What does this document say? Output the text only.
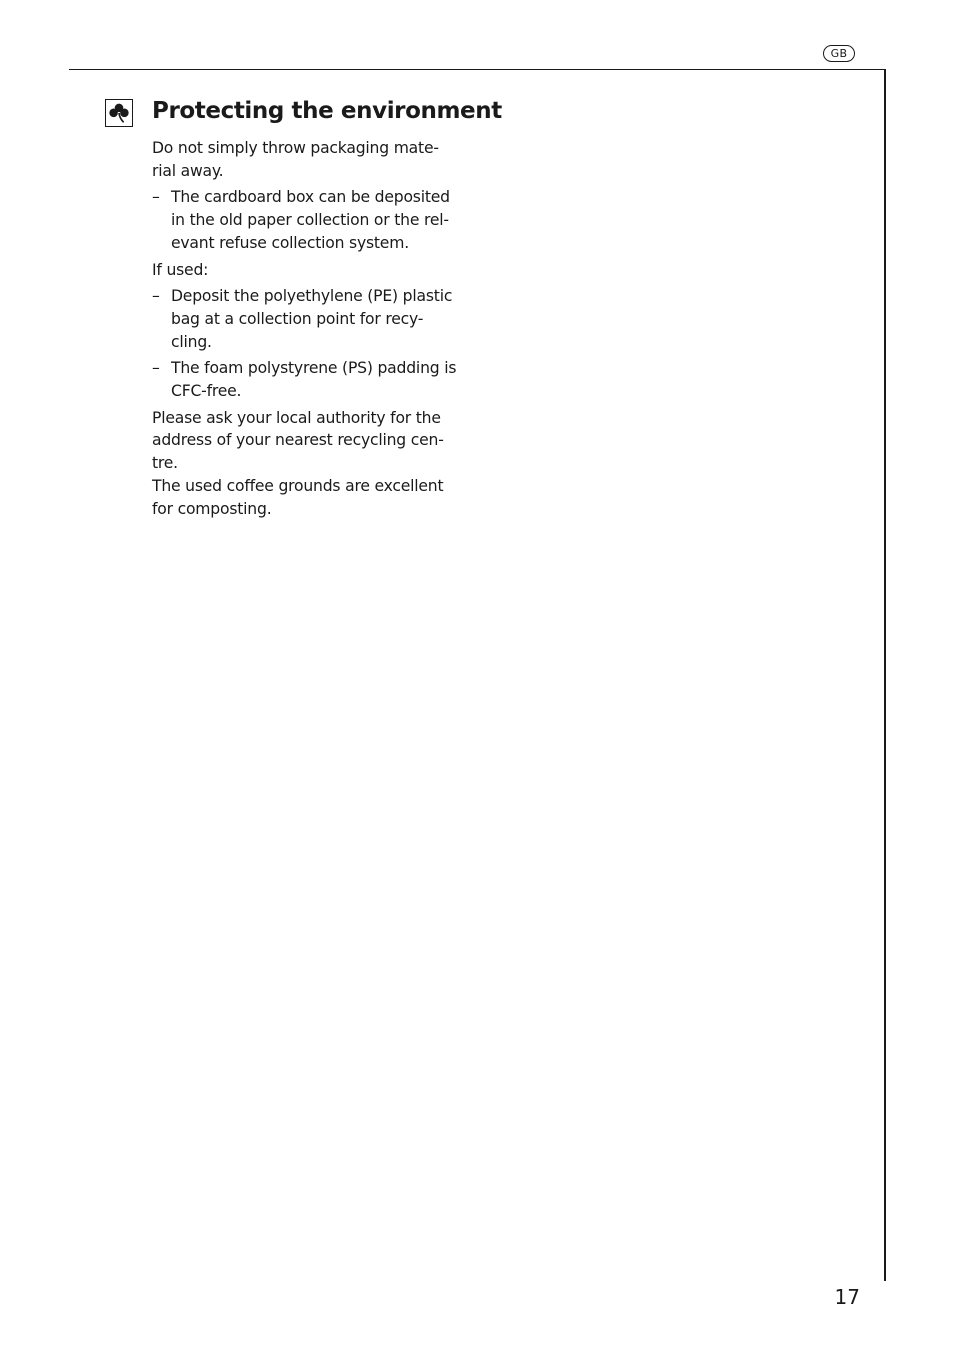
GB
Protecting the environment

Do not simply throw packaging mate-
rial away.

– The cardboard box can be deposited
in the old paper collection or the rel-
evant refuse collection system.

If used:

– Deposit the polyethylene (PE) plastic
bag at a collection point for recy-
cling.
– The foam polystyrene (PS) padding is
CFC-free.

Please ask your local authority for the
address of your nearest recycling cen-
tre.

The used coffee grounds are excellent
for composting.

17
